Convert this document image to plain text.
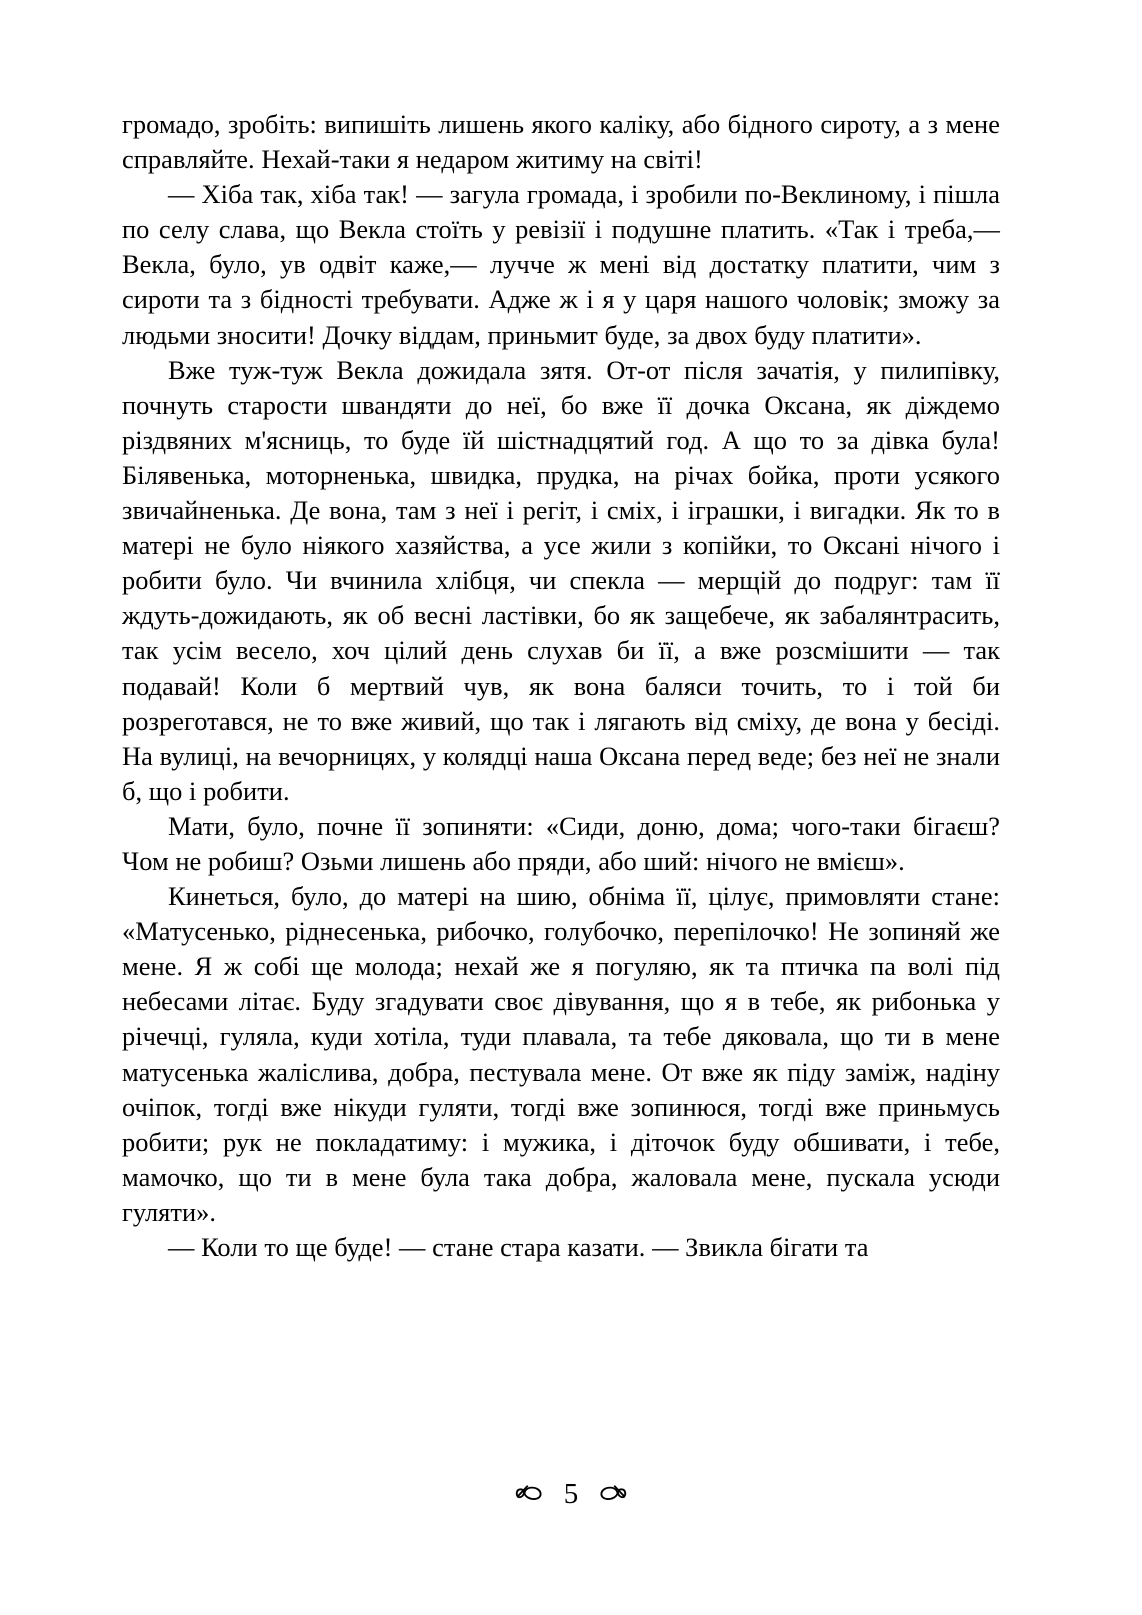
громадо, зробіть: випишіть лишень якого каліку, або бідного сироту, а з мене справляйте. Нехай-таки я недаром житиму на світі!

— Хіба так, хіба так! — загула громада, і зробили по-Веклиному, і пішла по селу слава, що Векла стоїть у ревізії і подушне платить. «Так і треба,— Векла, було, ув одвіт каже,— лучче ж мені від достатку платити, чим з сироти та з бідності требувати. Адже ж і я у царя нашого чоловік; зможу за людьми зносити! Дочку віддам, приньмит буде, за двох буду платити».

Вже туж-туж Векла дожидала зятя. От-от після зачатія, у пилипівку, почнуть старости швандяти до неї, бо вже її дочка Оксана, як діждемо різдвяних м'ясниць, то буде їй шістнадцятий год. А що то за дівка була! Білявенька, моторненька, швидка, прудка, на річах бойка, проти усякого звичайненька. Де вона, там з неї і регіт, і сміх, і іграшки, і вигадки. Як то в матері не було ніякого хазяйства, а усе жили з копійки, то Оксані нічого і робити було. Чи вчинила хлібця, чи спекла — мерщій до подруг: там її ждуть-дожидають, як об весні ластівки, бо як защебече, як забалянтрасить, так усім весело, хоч цілий день слухав би її, а вже розсмішити — так подавай! Коли б мертвий чув, як вона баляси точить, то і той би розреготався, не то вже живий, що так і лягають від сміху, де вона у бесіді. На вулиці, на вечорницях, у колядці наша Оксана перед веде; без неї не знали б, що і робити.

Мати, було, почне її зопиняти: «Сиди, доню, дома; чого-таки бігаєш? Чом не робиш? Озьми лишень або пряди, або ший: нічого не вмієш».

Кинеться, було, до матері на шию, обніма її, цілує, примовляти стане: «Матусенько, ріднесенька, рибочко, голубочко, перепілочко! Не зопиняй же мене. Я ж собі ще молода; нехай же я погуляю, як та птичка па волі під небесами літає. Буду згадувати своє дівування, що я в тебе, як рибонька у річечці, гуляла, куди хотіла, туди плавала, та тебе дяковала, що ти в мене матусенька жаліслива, добра, пестувала мене. От вже як піду заміж, надіну очіпок, тогді вже нікуди гуляти, тогді вже зопинюся, тогді вже приньмусь робити; рук не покладатиму: і мужика, і діточок буду обшивати, і тебе, мамочко, що ти в мене була така добра, жаловала мене, пускала усюди гуляти».

— Коли то ще буде! — стане стара казати. — Звикла бігати та

5
